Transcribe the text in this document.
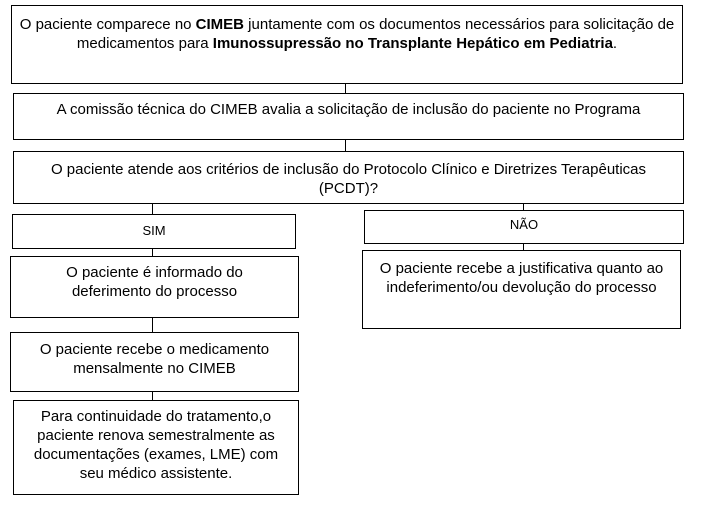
O paciente comparece no CIMEB juntamente com os documentos necessários para solicitação de medicamentos para Imunossupressão no Transplante Hepático em Pediatria.
A comissão técnica do CIMEB avalia a solicitação de inclusão do paciente no Programa
O paciente atende aos critérios de inclusão do Protocolo Clínico e Diretrizes Terapêuticas (PCDT)?
SIM	NÃO
O paciente é informado do deferimento do processo
O paciente recebe o medicamento mensalmente no CIMEB
Para continuidade do tratamento,o paciente renova semestralmente as documentações (exames, LME) com seu médico assistente.
O paciente recebe a justificativa quanto ao indeferimento/ou devolução do processo
